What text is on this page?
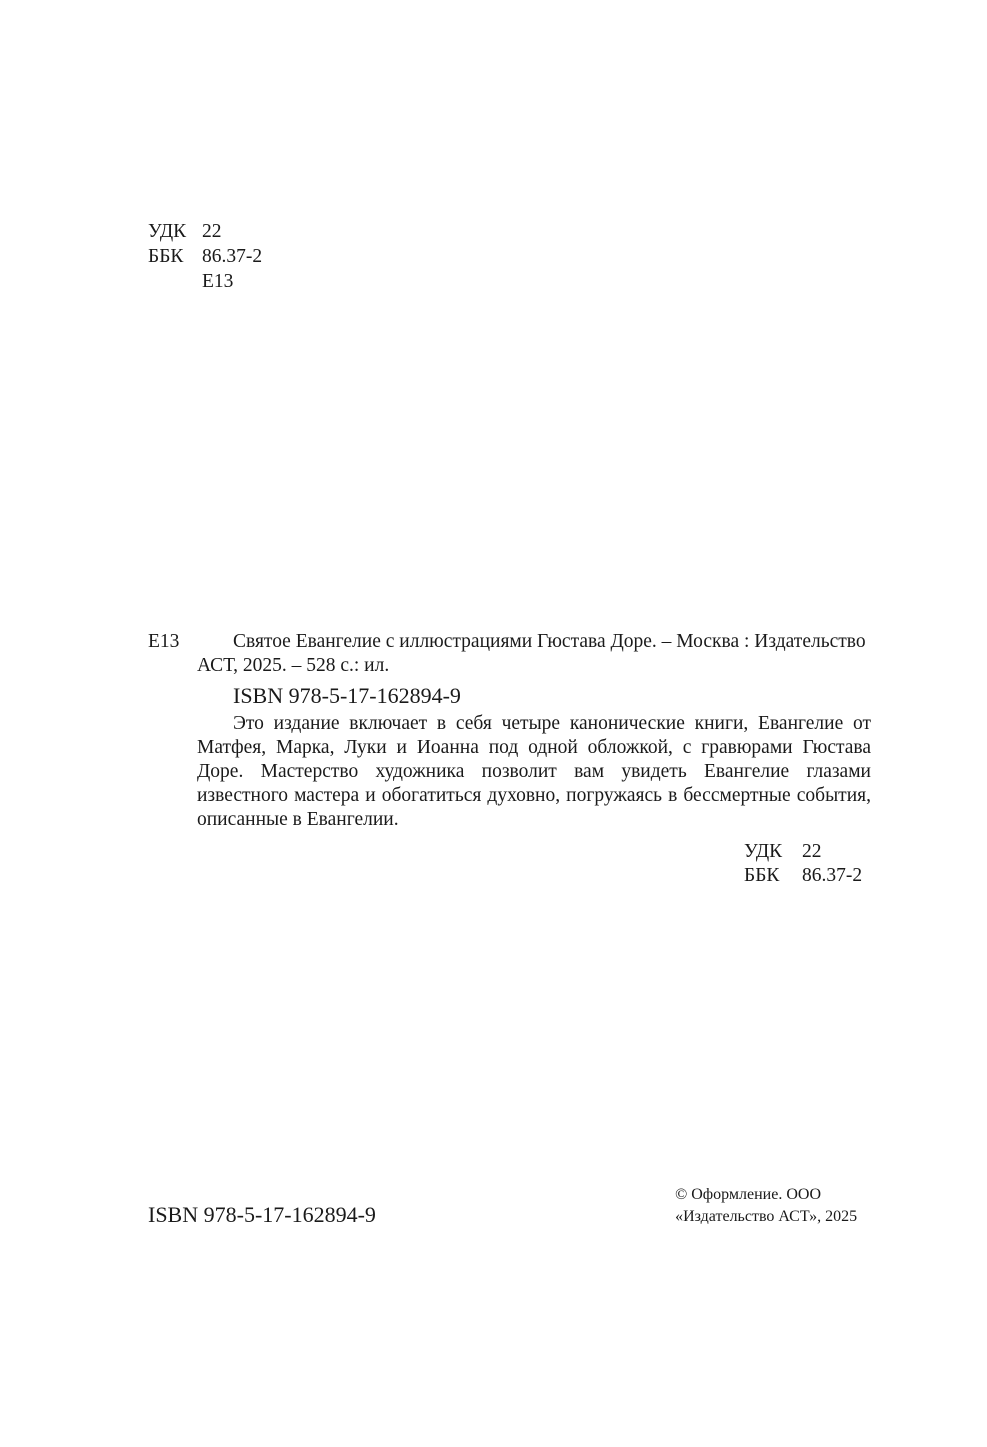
УДК 22
ББК 86.37-2
Е13
Е13	Святое Евангелие с иллюстрациями Гюстава Доре. – Москва : Издательство
АСТ, 2025. – 528 с.: ил.
ISBN 978-5-17-162894-9
Это издание включает в себя четыре канонические книги, Евангелие от Матфея, Марка, Луки и Иоанна под одной обложкой, с гравюрами Гюстава Доре. Мастерство художника позволит вам увидеть Евангелие глазами известного мастера и обогатиться духовно, погружаясь в бессмертные события, описанные в Евангелии.
УДК 22
ББК 86.37-2
ISBN 978-5-17-162894-9
© Оформление. ООО
«Издательство АСТ», 2025
